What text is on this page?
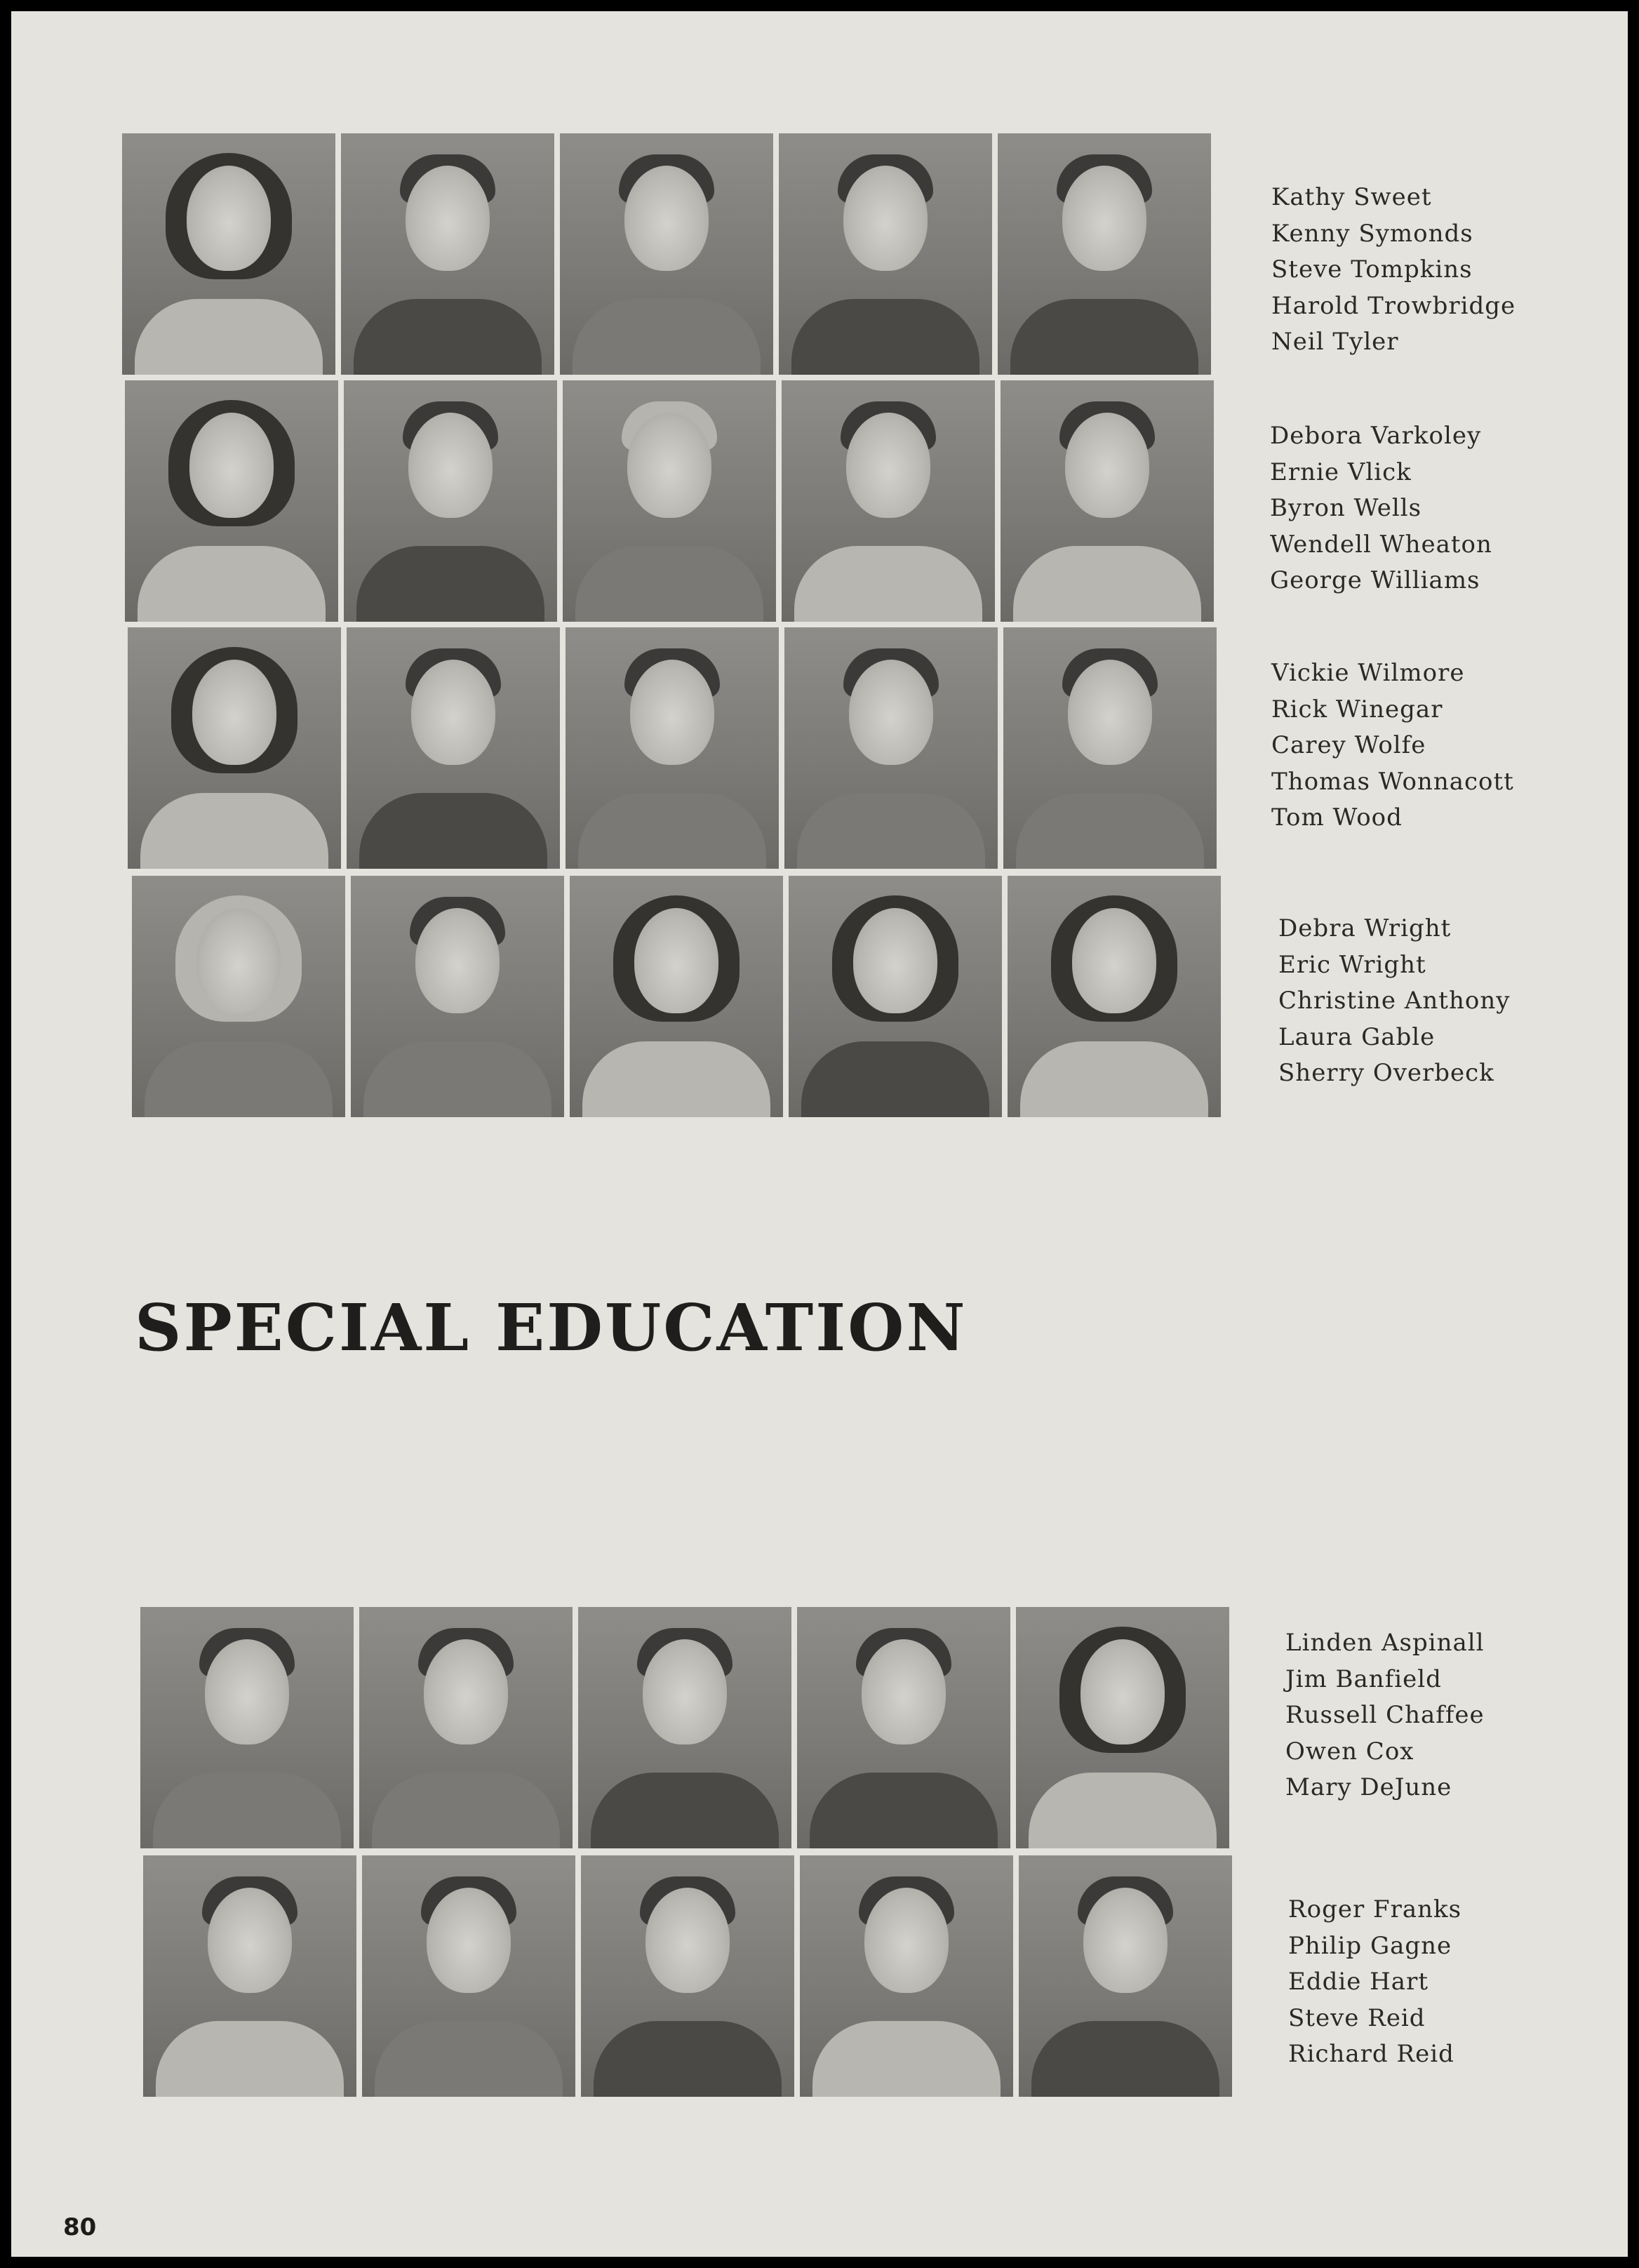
Kathy Sweet
Kenny Symonds
Steve Tompkins
Harold Trowbridge
Neil Tyler
Debora Varkoley
Ernie Vlick
Byron Wells
Wendell Wheaton
George Williams
Vickie Wilmore
Rick Winegar
Carey Wolfe
Thomas Wonnacott
Tom Wood
Debra Wright
Eric Wright
Christine Anthony
Laura Gable
Sherry Overbeck
SPECIAL EDUCATION
Linden Aspinall
Jim Banfield
Russell Chaffee
Owen Cox
Mary DeJune
Roger Franks
Philip Gagne
Eddie Hart
Steve Reid
Richard Reid
80
